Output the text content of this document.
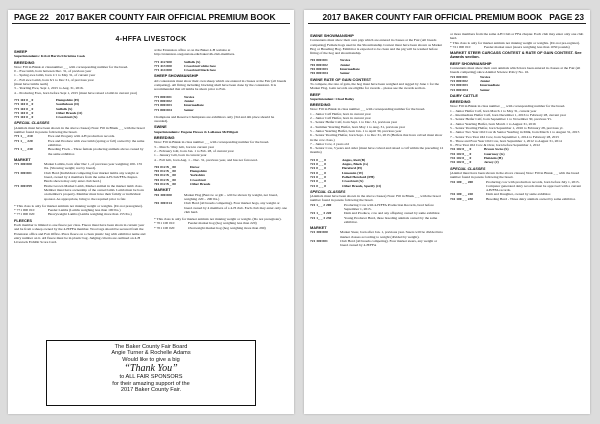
PAGE 22 2017 BAKER COUNTY FAIR OFFICIAL PREMIUM BOOK
4-HFFA LIVESTOCK
SHEEP
Superintendents: Kristi Harris/Christina Cook
BREEDING
Note: Fill in Blank at classnumber _ _ with corresponding number for the breed.
0 – Ewe lamb, born between Dec. 31, of previous year
1 – Spring ewe lamb, born 1/1 to May 31, of current year
2 – Fall ewe Lamb, born 6/1 to Dec 31, of previous year
(must have lambs teeth)
3 – Yearling Ewe, Sept 1, 2015 to Aug. 31, 2016.
4 – Producing Ewe, born before Sept 1, 2015 (must have raised a lamb in current year)
771 110 0 _ 0	Hampshire (H)
771 110 0 _ 0	Southdown (D)
771 110 0 _ 0	Suffolk (S)
771 110 0 _ 0	Other Breeds (O)
771 110 0 _ 0	Crossbred (X)
SPECIAL CLASSES
(Animals must have been shown in the above classes) Note: Fill in Blank _ _ with the breed number found in parens following the breed.
771 1_ _ 210	Ewe and Progeny with 4-H production records.
771 1_ _ 220	Ewe and Produce with ewe lamb (spring or fall) owned by the same exhibitor.
771 1_ _ 230	Breeding Flock – Three female producing animals above owned by the same exhibitor.
MARKET
771 300 000	Market Lambs, born after Dec 1, of previous year weighing 100- 155 lbs. (Showing weight; not by breed).
771 300 001	Club Herd (Individual competing four market lambs any weight or breed, owned by 4 members from the same 4-H club/FFA chapter. Herds shown may only enter club herd.)
771 300 099	Home Grown Market Lamb, Market animal in the market lamb class. Member must have ownership of the owned lamb. Lamb must be born on member's property. Member must have their family or individual sponsor. As appropriate, bring to the required prior to fair.
* This class is only for market animals not making weight or weights. (Do not preregister).
* 771 000 010	Feeder Lambs (Lambs weighing less than 100 lbs.)
* 771 000 020	Heavyweight Lambs (Lambs weighing more than 155 lbs.)
FLEECES
Each member is limited to one fleece per class. Fleece must have been shorn in current year and be from a sheep owned by the 4-H/FFA member. Wool tags should be secured from the Extension office and Fair Office. Place fleece on a clean plastic bag with exhibitor name and entry number on it. All fleece must be in plastic bag. Judging criteria are outlined on 4-H Livestock Exhibit Score Card.
at the Extension office or on the Baker 4-H website at http://extension.oregonstate.edu/baker/4h-club-members.
771 412 900	Suffolk (S)
771 413 000	Crossbred white face
771 414 000	Crossbred black face
SHEEP SHOWMANSHIP
All contestants must show their own sheep which are entered in classes at the Fair (all breeds competing). All fitting including blocking shall have been done by the contestant. It is recommended that all lambs be shorn prior to Fair.
771 800 001	Novice
771 800 002	Junior
771 800 003	Intermediate
771 800 004	Senior
Champions and Reserve Champions are exhibitors only (3rd and 4th place should be awarded).
SWINE
Superintendents: Eugene Howes & LaRenee McElligott
BREEDING
Note: Fill in Blank in class number _ _ with corresponding number for the breed.
3 – March / May Gilt, born in current year
2 – February Gilt, born Jan. 1 to Feb. 28, of current year
1 – January Gilt, born in current year
4 – Fall Gilt, born Aug. 1 – Dec. 31, previous year, and has not farrowed.
701 012 B _ 00	Duroc
701 012 B _ 00	Hampshire
701 012 B _ 00	Yorkshire
701 012 B _ 00	Crossbred
701 012 B _ 00	Other Breeds
MARKET
701 300 000	Market Hog (Barrow or gilt – will be shown by weight, not breed, weighing 220 – 290 lbs.)
701 300 014	Club Herd (all breeds competing). Four market hogs, any weight or breed owned by 4 members of a 4-H club. Each club may enter only one club herd.
* This class is only for market animals not making weight or weight. (Do not preregister).
* 701 100 010	Feeder market hog (hog weighing less than 220)
* 701 100 020	Overweight market hog (hog weighing more than 290)
The Baker County Fair Board
Angie Turner & Rochelle Adams
Would like to give a big
“Thank You”
to ALL FAIR SPONSORS
for their amazing support of the
2017 Baker County Fair.
2017 BAKER COUNTY FAIR OFFICIAL PREMIUM BOOK PAGE 23
SWINE SHOWMANSHIP
Contestants must show their own pigs which are entered in classes at the Fair (All breeds competing) Female hogs used in the Showmanship Contest must have been shown as Market Hog or Breeding Hog. Exhibitor is expected to be clean and the pig will be washed before fitting of the hog and showmanship.
701 800 001	Novice
701 800 002	Junior
701 800 003	Intermediate
701 800 004	Senior
SWINE RATE OF GAIN CONTEST
To compete, the rate of gain, the hog must have been weighed and tagged by June 1 for the Market Hog. Gain records are eligible for awards – please see the awards section.
BEEF
Superintendent: Chad Bailey
BREEDING
Note: Fill in Blank in class number _ _ with corresponding number for the breed.
1 – Junior Calf Heifer, born in current year
2 – Junior Calf Heifer, born in current year
3 – Senior Heifer Calf, born Sept. 1 to Dec. 31, previous year
4 – Summer Yearling Heifer, born May 1 to Aug. 31, previous year
5 – Junior Yearling Heifer, born Jan. 1 to April 30, previous year
6 – Senior Yearling Heifer, born Sept. 1 to Dec 31, 2015 (Heifers that have calved must show in the cow class.)
7 – Junior Cow, 2 years old
8 – Senior Cow, 3 years and older (must have calved and raised a calf within the preceding 12 months)
721 0 _ _ 0	Angus, Red (B)
721 0 _ _ 0	Angus, Black (G)
721 0 _ _ 0	Hereford (H)
721 0 _ _ 0	Limousin (W)
721 0 _ _ 0	Polled Hereford (PH)
721 0 _ _ 0	Crossbred (X)
721 0 _ _ 0	Other Breeds, Specify (O)
SPECIAL CLASSES
(Animals must have been shown in the above classes) Note: Fill in Blank _ _ with the breed number found in parens following the breed.
721 1_ _ 2 200	Producing Cow with 4-H/FFA Production Records, bred before September 1, 2015.
721 1_ _ 3 220	Dam and Produce, cow and any offspring owned by same exhibitor.
721 1_ _ 3 230	Young Producer Herd, three breeding animals owned by the same exhibitor.
MARKET
721 300 000	Market Steer, born after Jan. 1, previous year. Steers will be divided into market classes according to weight (divided by weight).
721 300 001	Club Herd (all breeds competing). Four market steers, any weight or breed owned by 4-H/FFA
or more members from the same 4-H Club or FFA chapter. Each club may enter only one club herd.
* This class is only for market animals not making weight or weights. (Do not pre-register).
* 721 000 010	Feeder market steer (steers weighing less than 1050 pounds)
MARKET STEER CARCASS CONTEST & RATE OF GAIN CONTEST. See Awards section.
BEEF SHOWMANSHIP
Contestants must show their own animals which have been entered in classes at the Fair (all breeds competing) since Animal Science Policy No. 16.
721 800 001	Novice
721 800 002	Junior
721 800 003	Intermediate
721 800 004	Senior
DAIRY CATTLE
BREEDING
Note: Fill in Blank in class number _ _ with corresponding number for the breed.
1 – Junior Heifer Calf, born March 1 to May 31, current year
2 – Intermediate Heifer Calf, born December 1, 2016 to February 28, current year
3 – Senior Heifer Calf, born September 1 to November 30, previous Yr.
4 – Junior Yearling Heifer, born March 1 to August 31, 2016
5 – Senior Yearling Heifer, born September 1, 2016 to February 28, previous yr.
6 – Junior Two Year Old Cow & Senior Yearling in Milk, born March 1 to August 31, 2015
7 – Senior Two Year Old Cow, born September 1, 2014 to February 28, 2015
8 – Three and Four Year Old Cow, born September 1, 2012 to August 31, 2014
9 – Five Year Old Cow & Over, born before September 1, 2012
741 102 0_ _ 0	Brown Swiss (S)
741 102 0_ _ 0	Guernsey (G)
741 102 0_ _ 0	Holstein (H)
741 102 0_ _ 0	Jersey (J)
SPECIAL CLASSES
(Animal must have been shown in the above classes) Note: Fill in Blank _ _ with the breed number found in parens following the breed.
741 100 _ _ 200	Producing cow with production records, born before July 1, 2015. Computer generated dairy records must be approved with a current 4-H/FFA records.
741 100 _ _ 220	Dam and Daughter, owned by same exhibitor.
741 100 _ _ 230	Breeding Herd - Three dairy animals owned by same exhibitor.
